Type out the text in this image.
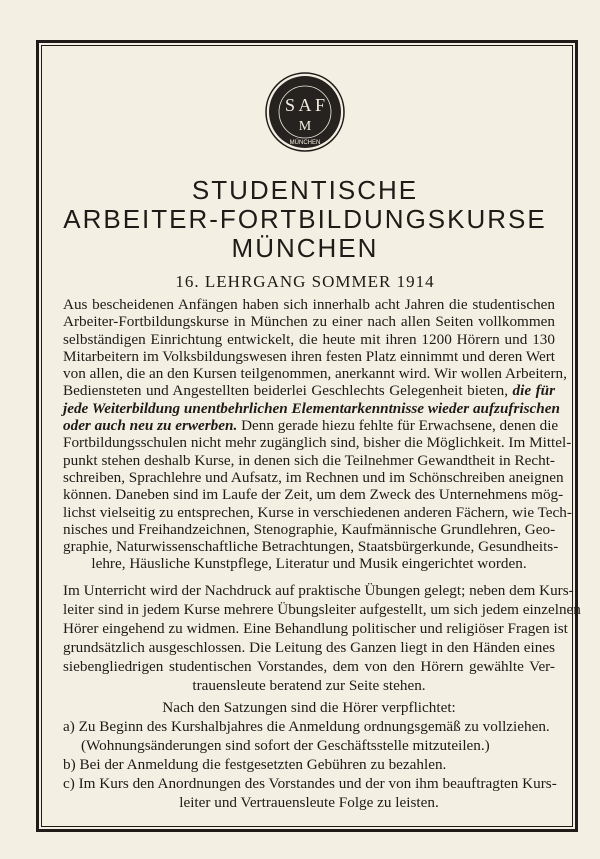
S A F
M
MÜNCHEN
STUDENTISCHE
ARBEITER-FORTBILDUNGSKURSE
MÜNCHEN
16. LEHRGANG SOMMER 1914
Aus bescheidenen Anfängen haben sich innerhalb acht Jahren die studentischen
Arbeiter-Fortbildungskurse in München zu einer nach allen Seiten vollkommen
selbständigen Einrichtung entwickelt, die heute mit ihren 1200 Hörern und 130
Mitarbeitern im Volksbildungswesen ihren festen Platz einnimmt und deren Wert
von allen, die an den Kursen teilgenommen, anerkannt wird. Wir wollen Arbeitern,
Bediensteten und Angestellten beiderlei Geschlechts Gelegenheit bieten, die für
jede Weiterbildung unentbehrlichen Elementarkenntnisse wieder aufzufrischen
oder auch neu zu erwerben. Denn gerade hiezu fehlte für Erwachsene, denen die
Fortbildungsschulen nicht mehr zugänglich sind, bisher die Möglichkeit. Im Mittel-
punkt stehen deshalb Kurse, in denen sich die Teilnehmer Gewandtheit in Recht-
schreiben, Sprachlehre und Aufsatz, im Rechnen und im Schönschreiben aneignen
können. Daneben sind im Laufe der Zeit, um dem Zweck des Unternehmens mög-
lichst vielseitig zu entsprechen, Kurse in verschiedenen anderen Fächern, wie Tech-
nisches und Freihandzeichnen, Stenographie, Kaufmännische Grundlehren, Geo-
graphie, Naturwissenschaftliche Betrachtungen, Staatsbürgerkunde, Gesundheits-
lehre, Häusliche Kunstpflege, Literatur und Musik eingerichtet worden.
Im Unterricht wird der Nachdruck auf praktische Übungen gelegt; neben dem Kurs-
leiter sind in jedem Kurse mehrere Übungsleiter aufgestellt, um sich jedem einzelnen
Hörer eingehend zu widmen. Eine Behandlung politischer und religiöser Fragen ist
grundsätzlich ausgeschlossen. Die Leitung des Ganzen liegt in den Händen eines
siebengliedrigen studentischen Vorstandes, dem von den Hörern gewählte Ver-
trauensleute beratend zur Seite stehen.
Nach den Satzungen sind die Hörer verpflichtet:
a) Zu Beginn des Kurshalbjahres die Anmeldung ordnungsgemäß zu vollziehen.
(Wohnungsänderungen sind sofort der Geschäftsstelle mitzuteilen.)
b) Bei der Anmeldung die festgesetzten Gebühren zu bezahlen.
c) Im Kurs den Anordnungen des Vorstandes und der von ihm beauftragten Kurs-
leiter und Vertrauensleute Folge zu leisten.
